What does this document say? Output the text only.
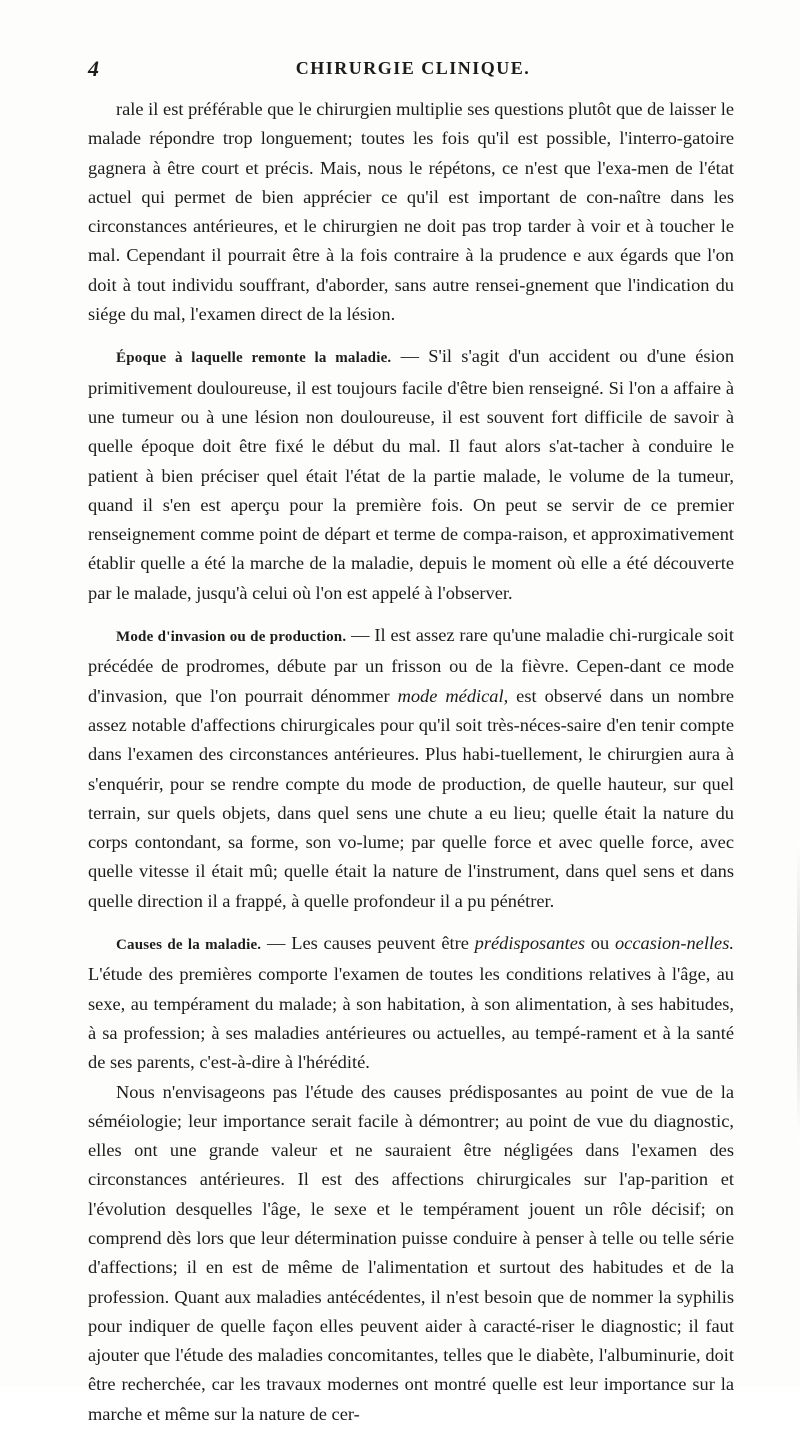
4	CHIRURGIE CLINIQUE.

rale il est préférable que le chirurgien multiplie ses questions plutôt que de laisser le malade répondre trop longuement; toutes les fois qu'il est possible, l'interro-gatoire gagnera à être court et précis. Mais, nous le répétons, ce n'est que l'exa-men de l'état actuel qui permet de bien apprécier ce qu'il est important de con-naître dans les circonstances antérieures, et le chirurgien ne doit pas trop tarder à voir et à toucher le mal. Cependant il pourrait être à la fois contraire à la prudence e aux égards que l'on doit à tout individu souffrant, d'aborder, sans autre rensei-gnement que l'indication du siége du mal, l'examen direct de la lésion.

Époque à laquelle remonte la maladie. — S'il s'agit d'un accident ou d'une ésion primitivement douloureuse, il est toujours facile d'être bien renseigné. Si l'on a affaire à une tumeur ou à une lésion non douloureuse, il est souvent fort difficile de savoir à quelle époque doit être fixé le début du mal. Il faut alors s'at-tacher à conduire le patient à bien préciser quel était l'état de la partie malade, le volume de la tumeur, quand il s'en est aperçu pour la première fois. On peut se servir de ce premier renseignement comme point de départ et terme de compa-raison, et approximativement établir quelle a été la marche de la maladie, depuis le moment où elle a été découverte par le malade, jusqu'à celui où l'on est appelé à l'observer.

Mode d'invasion ou de production. — Il est assez rare qu'une maladie chi-rurgicale soit précédée de prodromes, débute par un frisson ou de la fièvre. Cepen-dant ce mode d'invasion, que l'on pourrait dénommer mode médical, est observé dans un nombre assez notable d'affections chirurgicales pour qu'il soit très-néces-saire d'en tenir compte dans l'examen des circonstances antérieures. Plus habi-tuellement, le chirurgien aura à s'enquérir, pour se rendre compte du mode de production, de quelle hauteur, sur quel terrain, sur quels objets, dans quel sens une chute a eu lieu; quelle était la nature du corps contondant, sa forme, son vo-lume; par quelle force et avec quelle force, avec quelle vitesse il était mû; quelle était la nature de l'instrument, dans quel sens et dans quelle direction il a frappé, à quelle profondeur il a pu pénétrer.

Causes de la maladie. — Les causes peuvent être prédisposantes ou occasion-nelles. L'étude des premières comporte l'examen de toutes les conditions relatives à l'âge, au sexe, au tempérament du malade; à son habitation, à son alimentation, à ses habitudes, à sa profession; à ses maladies antérieures ou actuelles, au tempé-rament et à la santé de ses parents, c'est-à-dire à l'hérédité.

Nous n'envisageons pas l'étude des causes prédisposantes au point de vue de la séméiologie; leur importance serait facile à démontrer; au point de vue du diagnostic, elles ont une grande valeur et ne sauraient être négligées dans l'examen des circonstances antérieures. Il est des affections chirurgicales sur l'ap-parition et l'évolution desquelles l'âge, le sexe et le tempérament jouent un rôle décisif; on comprend dès lors que leur détermination puisse conduire à penser à telle ou telle série d'affections; il en est de même de l'alimentation et surtout des habitudes et de la profession. Quant aux maladies antécédentes, il n'est besoin que de nommer la syphilis pour indiquer de quelle façon elles peuvent aider à caracté-riser le diagnostic; il faut ajouter que l'étude des maladies concomitantes, telles que le diabète, l'albuminurie, doit être recherchée, car les travaux modernes ont montré quelle est leur importance sur la marche et même sur la nature de cer-
